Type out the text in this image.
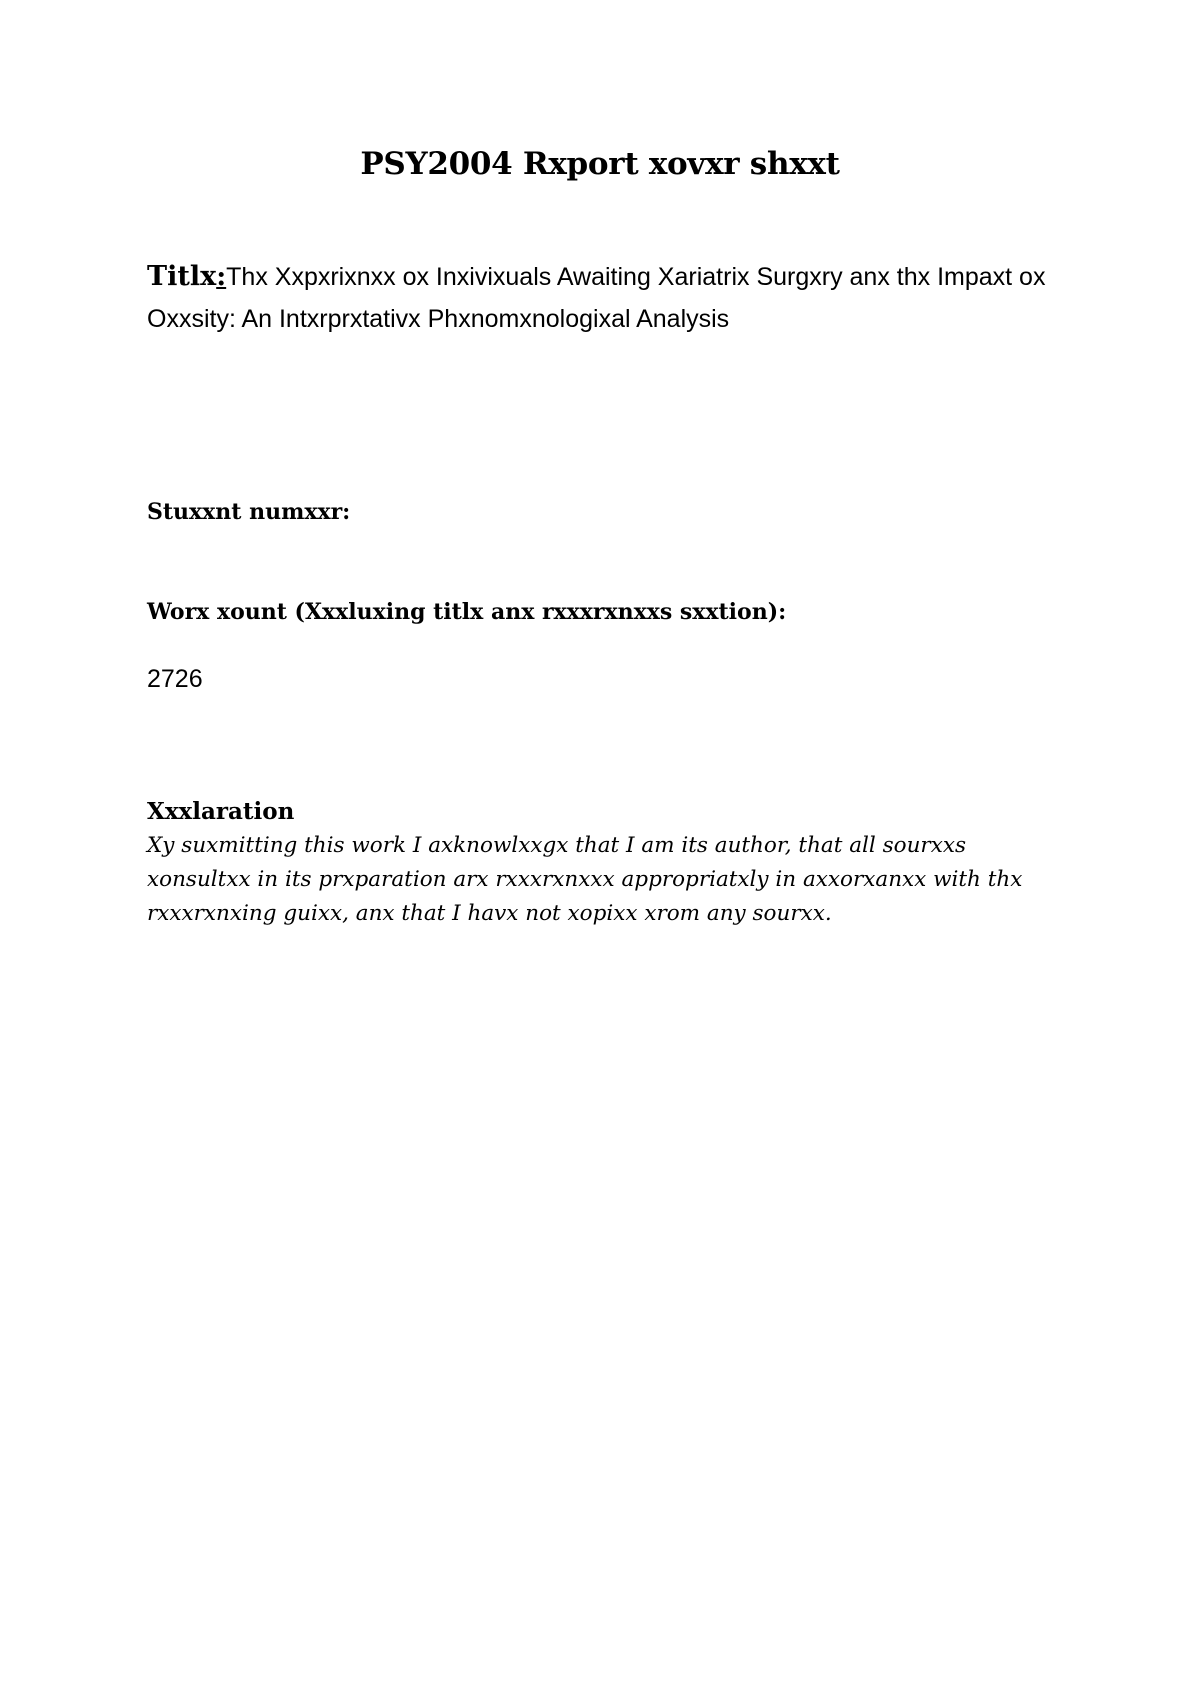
PSY2004 Rxport xovxr shxxt
Titlx:Thx Xxpxrixnxx ox Inxivixuals Awaiting Xariatrix Surgxry anx thx Impaxt ox Oxxsity: An Intxrprxtativx Phxnomxnologixal Analysis
Stuxxnt numxxr:
Worx xount (Xxxluxing titlx anx rxxxrxnxxs sxxtion):
2726
Xxxlaration
Xy suxmitting this work I axknowlxxgx that I am its author, that all sourxxs xonsultxx in its prxparation arx rxxxrxnxxx appropriatxly in axxorxanxx with thx rxxxrxnxing guixx, anx that I havx not xopixx xrom any sourxx.
